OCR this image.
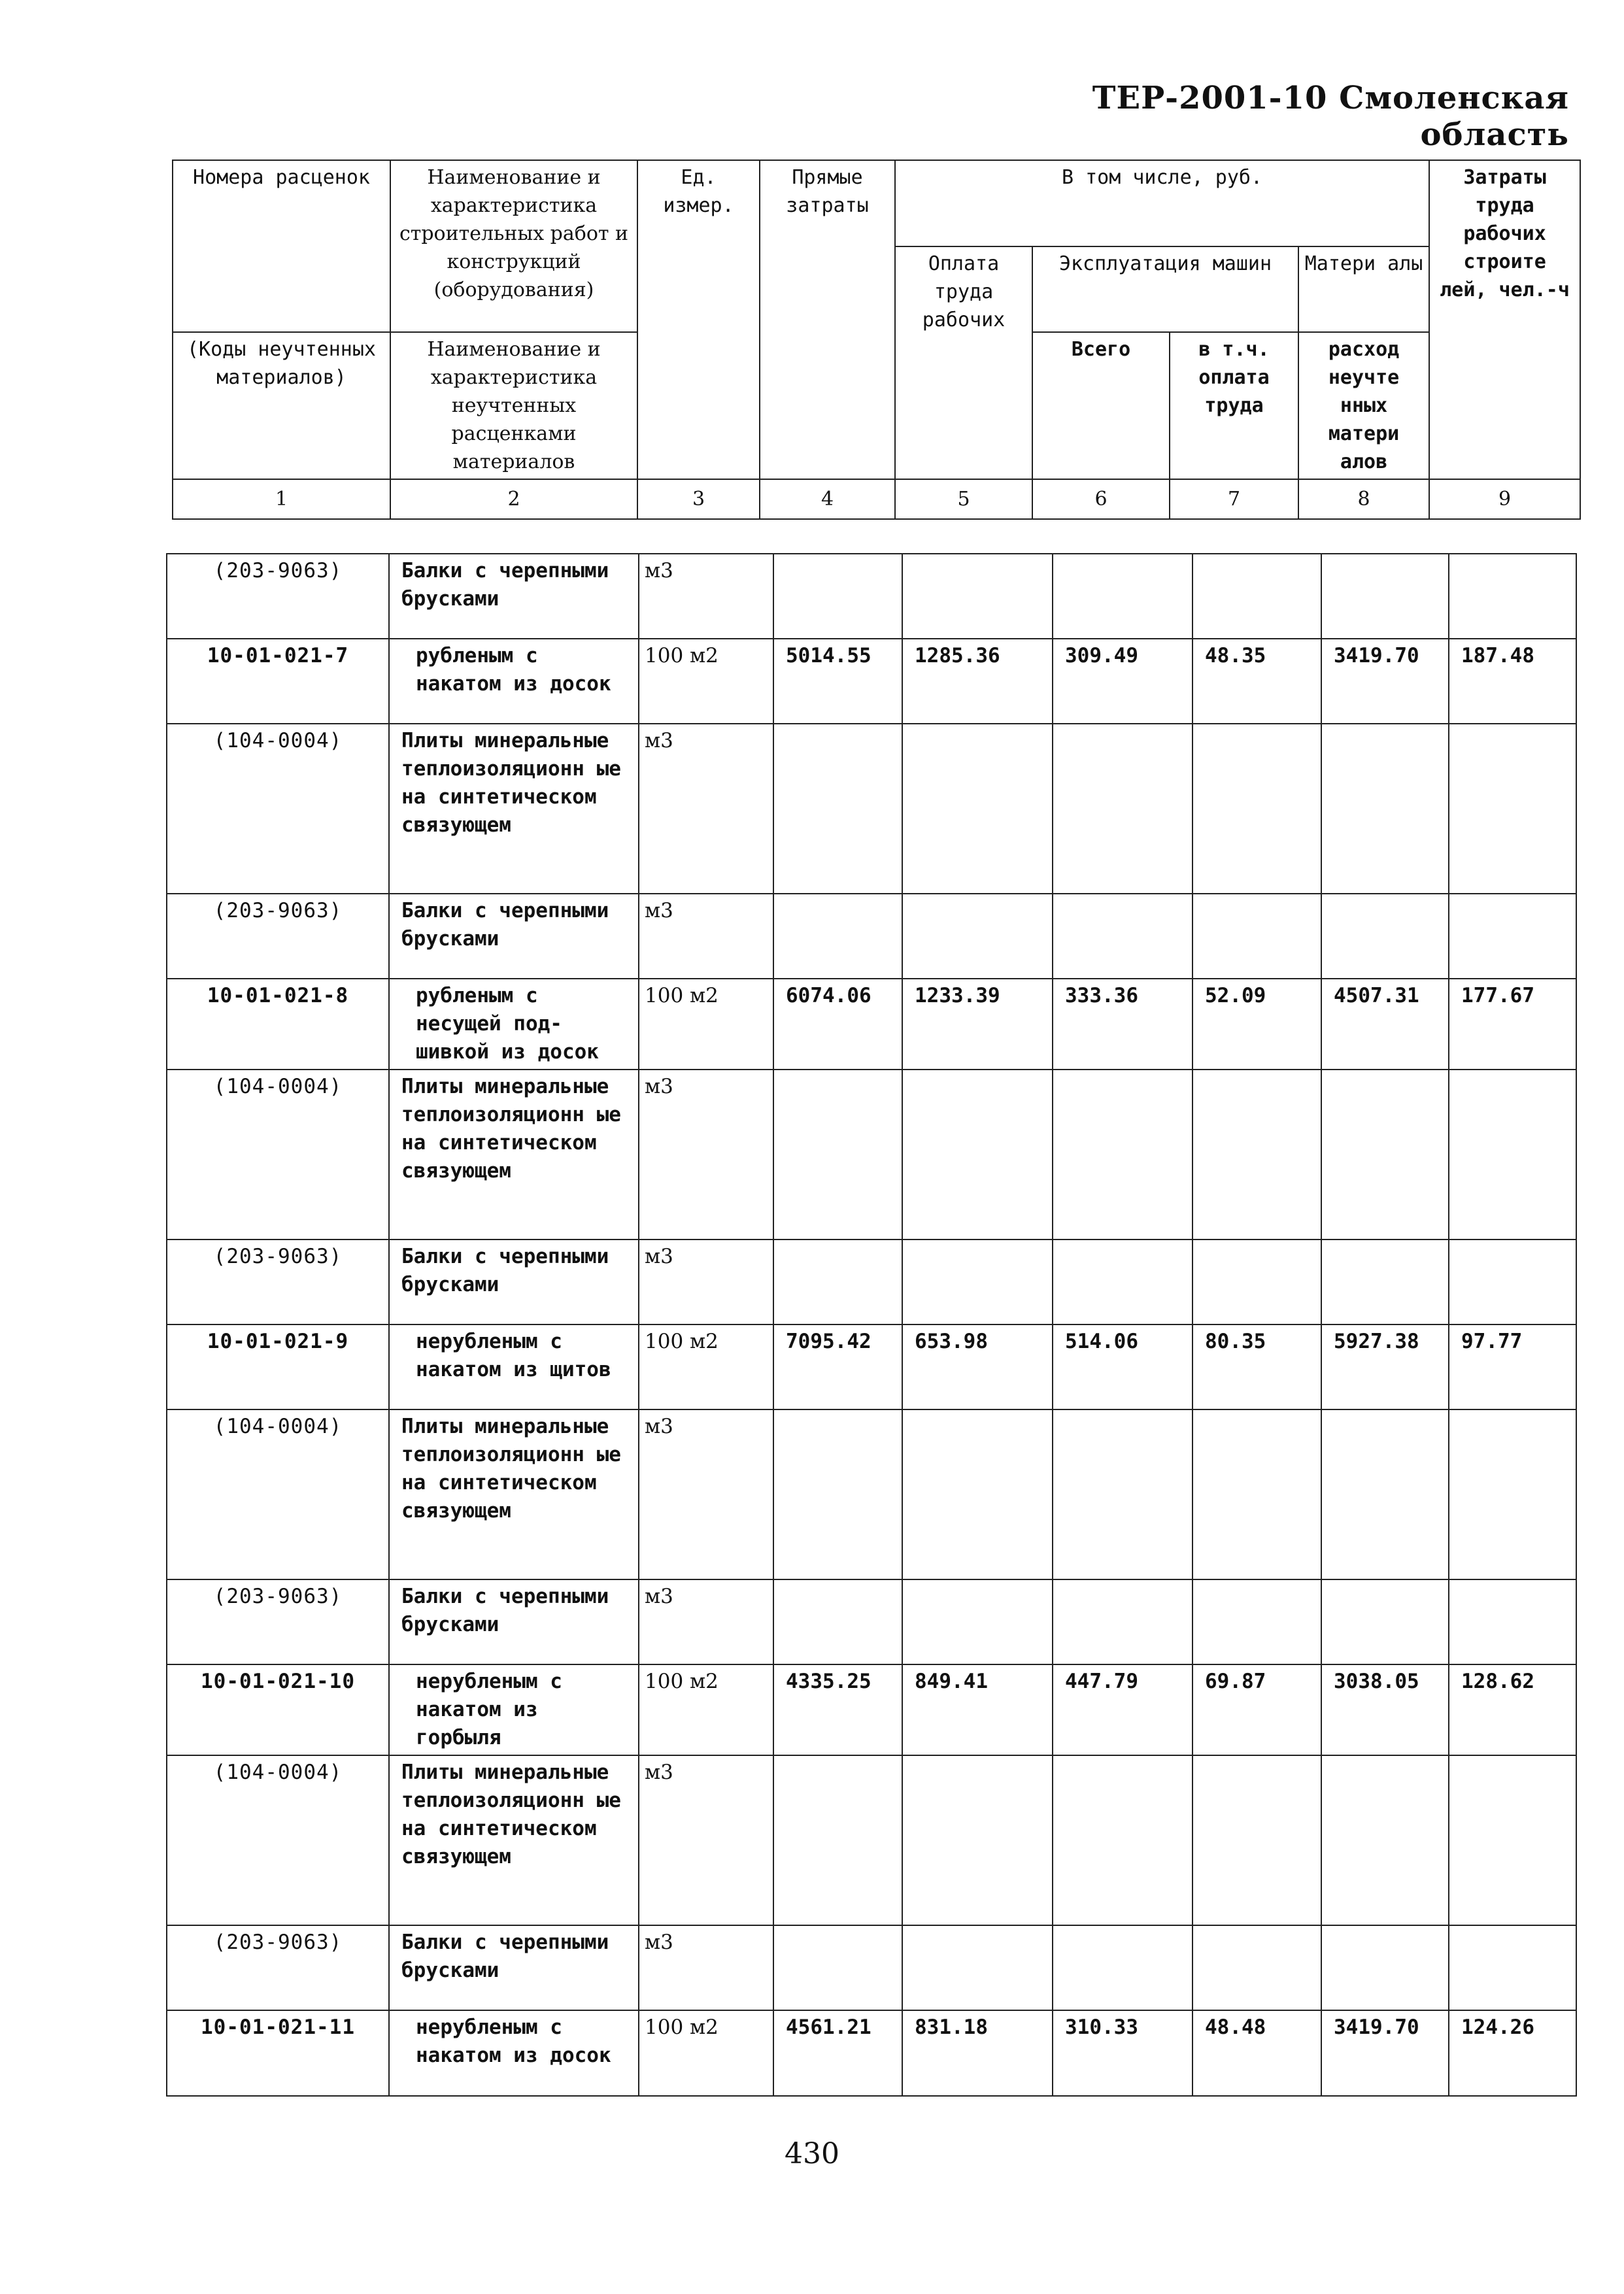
ТЕР-2001-10 Смоленская область
Номера расценок	Наименование и характеристика строительных работ и конструкций (оборудования)	Ед. измер.	Прямые затраты	В том числе, руб.				Затраты труда рабочих строите лей, чел.-ч
				Оплата труда рабочих	Эксплуатация машин		Матери алы	
(Коды неучтенных материалов)	Наименование и характеристика неучтенных расценками материалов				Всего	в т.ч. оплата труда	расход неучте нных матери алов	
1	2	3	4	5	6	7	8	9
(203-9063)	Балки с черепными брусками	м3						
10-01-021-7	рубленым с накатом из досок	100 м2	5014.55	1285.36	309.49	48.35	3419.70	187.48
(104-0004)	Плиты минеральные теплоизоляционн ые на синтетическом связующем	м3						
(203-9063)	Балки с черепными брусками	м3						
10-01-021-8	рубленым с несущей под-шивкой из досок	100 м2	6074.06	1233.39	333.36	52.09	4507.31	177.67
(104-0004)	Плиты минеральные теплоизоляционн ые на синтетическом связующем	м3						
(203-9063)	Балки с черепными брусками	м3						
10-01-021-9	нерубленым с накатом из щитов	100 м2	7095.42	653.98	514.06	80.35	5927.38	97.77
(104-0004)	Плиты минеральные теплоизоляционн ые на синтетическом связующем	м3						
(203-9063)	Балки с черепными брусками	м3						
10-01-021-10	нерубленым с накатом из горбыля	100 м2	4335.25	849.41	447.79	69.87	3038.05	128.62
(104-0004)	Плиты минеральные теплоизоляционн ые на синтетическом связующем	м3						
(203-9063)	Балки с черепными брусками	м3						
10-01-021-11	нерубленым с накатом из досок	100 м2	4561.21	831.18	310.33	48.48	3419.70	124.26
430
